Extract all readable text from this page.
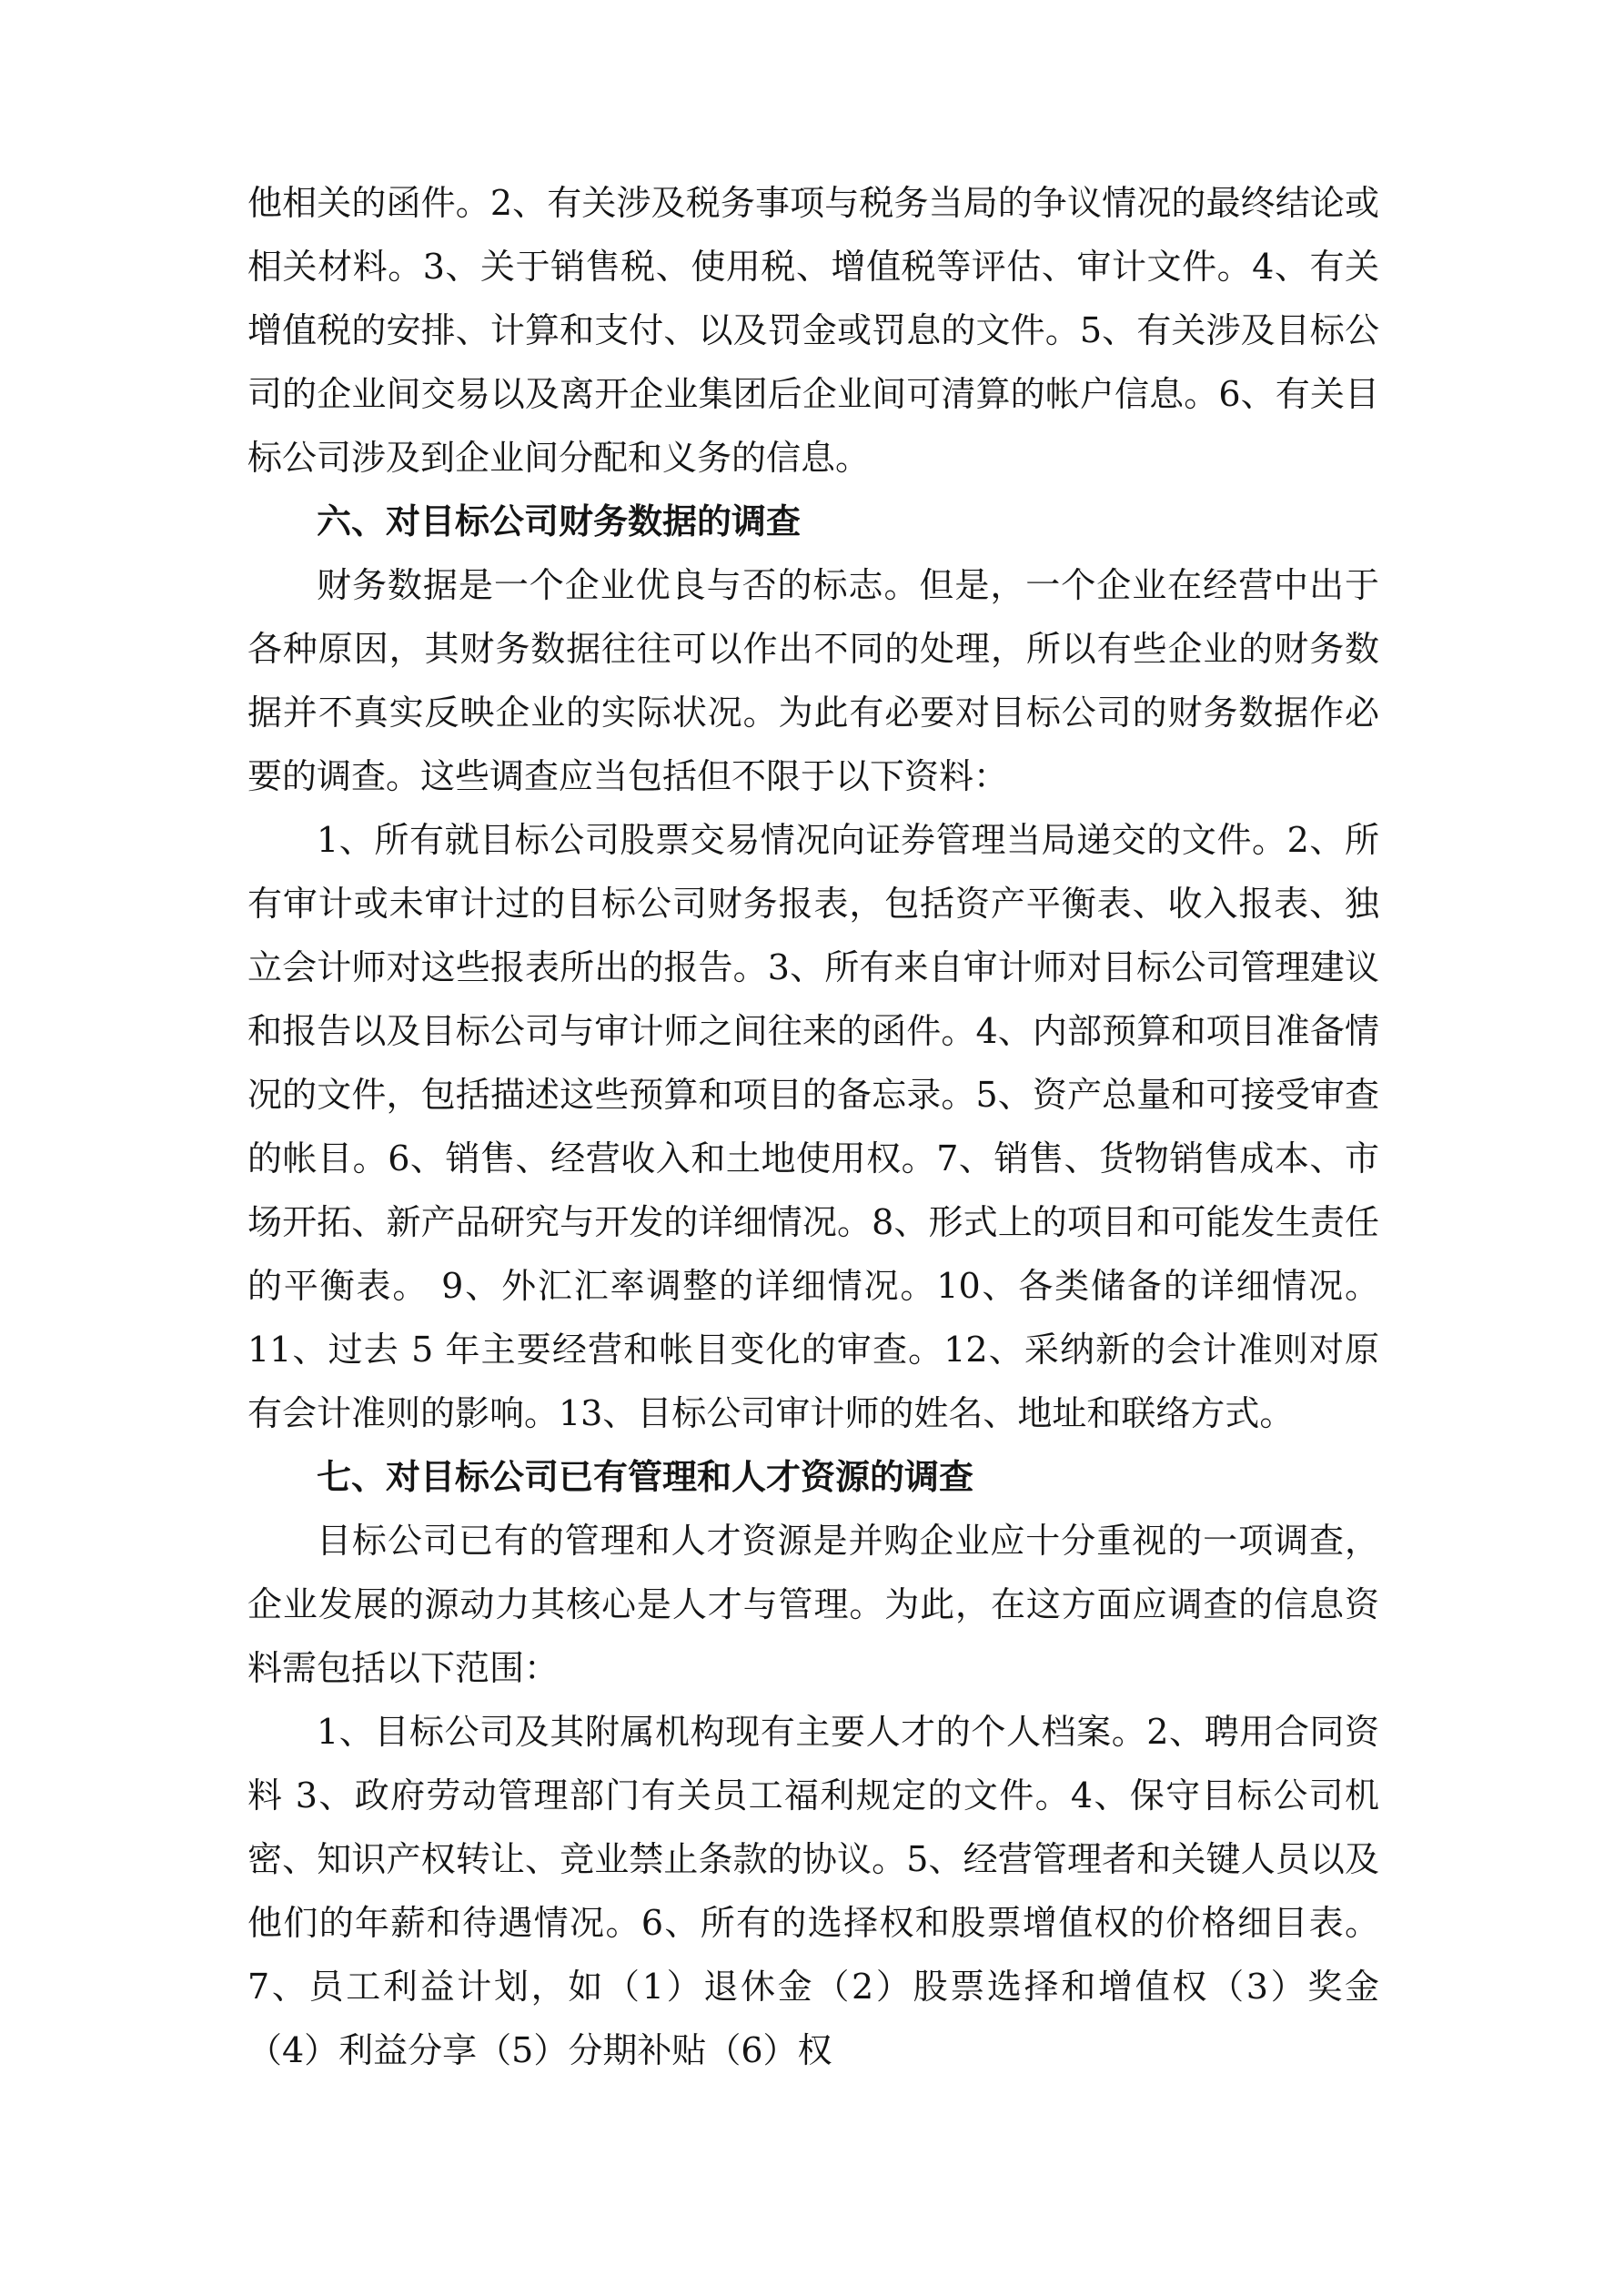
他相关的函件。2、有关涉及税务事项与税务当局的争议情况的最终结论或相关材料。3、关于销售税、使用税、增值税等评估、审计文件。4、有关增值税的安排、计算和支付、以及罚金或罚息的文件。5、有关涉及目标公司的企业间交易以及离开企业集团后企业间可清算的帐户信息。6、有关目标公司涉及到企业间分配和义务的信息。

六、对目标公司财务数据的调查

财务数据是一个企业优良与否的标志。但是，一个企业在经营中出于各种原因，其财务数据往往可以作出不同的处理，所以有些企业的财务数据并不真实反映企业的实际状况。为此有必要对目标公司的财务数据作必要的调查。这些调查应当包括但不限于以下资料：

1、所有就目标公司股票交易情况向证券管理当局递交的文件。2、所有审计或未审计过的目标公司财务报表，包括资产平衡表、收入报表、独立会计师对这些报表所出的报告。3、所有来自审计师对目标公司管理建议和报告以及目标公司与审计师之间往来的函件。4、内部预算和项目准备情况的文件，包括描述这些预算和项目的备忘录。5、资产总量和可接受审查的帐目。6、销售、经营收入和土地使用权。7、销售、货物销售成本、市场开拓、新产品研究与开发的详细情况。8、形式上的项目和可能发生责任的平衡表。 9、外汇汇率调整的详细情况。10、各类储备的详细情况。11、过去 5 年主要经营和帐目变化的审查。12、采纳新的会计准则对原有会计准则的影响。13、目标公司审计师的姓名、地址和联络方式。

七、对目标公司已有管理和人才资源的调查

目标公司已有的管理和人才资源是并购企业应十分重视的一项调查，企业发展的源动力其核心是人才与管理。为此，在这方面应调查的信息资料需包括以下范围：

1、目标公司及其附属机构现有主要人才的个人档案。2、聘用合同资料 3、政府劳动管理部门有关员工福利规定的文件。4、保守目标公司机密、知识产权转让、竞业禁止条款的协议。5、经营管理者和关键人员以及他们的年薪和待遇情况。6、所有的选择权和股票增值权的价格细目表。7、员工利益计划，如（1）退休金（2）股票选择和增值权（3）奖金 （4）利益分享（5）分期补贴（6）权
